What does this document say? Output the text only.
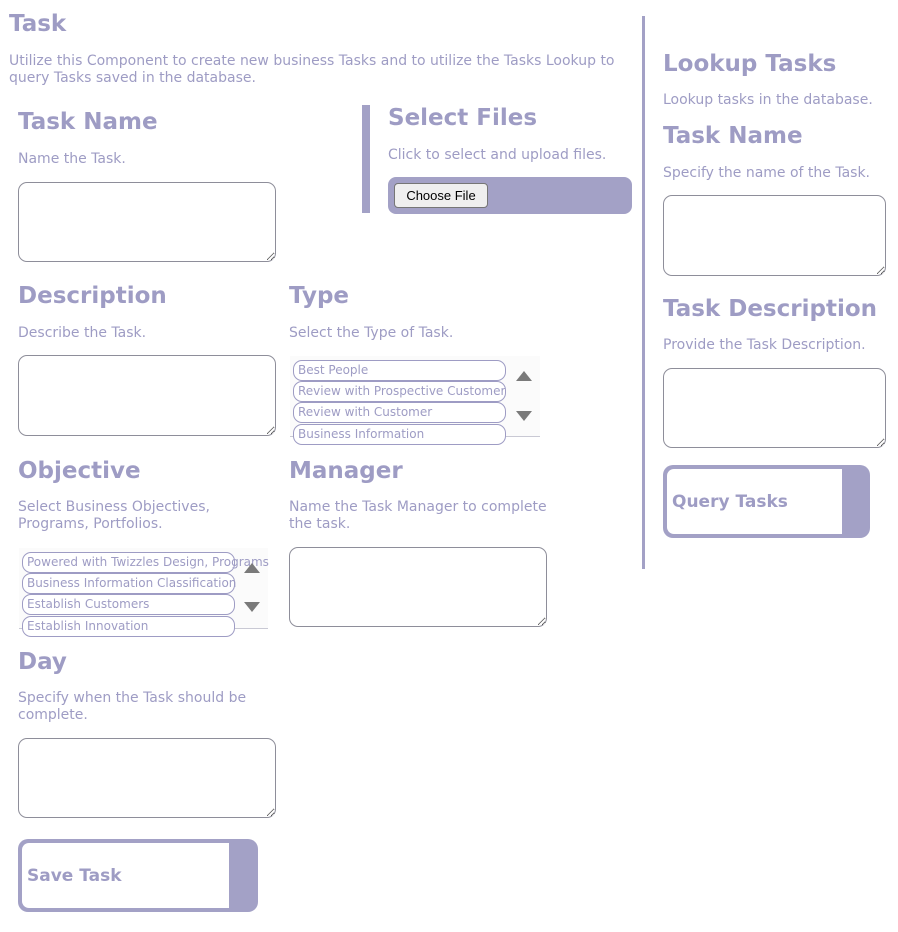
Task

Utilize this Component to create new business Tasks and to utilize the Tasks Lookup to query Tasks saved in the database.

Task Name

Name the Task.

Select Files

Click to select and upload files.

Choose File
Description

Describe the Task.

Type

Select the Type of Task.

Best People
Review with Prospective Customer
Review with Customer
Business Information
Objective

Select Business Objectives, Programs, Portfolios.

Powered with Twizzles Design, Programs
Business Information Classification
Establish Customers
Establish Innovation
Manager

Name the Task Manager to complete the task.

Day

Specify when the Task should be complete.

Save Task
Lookup Tasks

Lookup tasks in the database.

Task Name

Specify the name of the Task.

Task Description

Provide the Task Description.

Query Tasks
